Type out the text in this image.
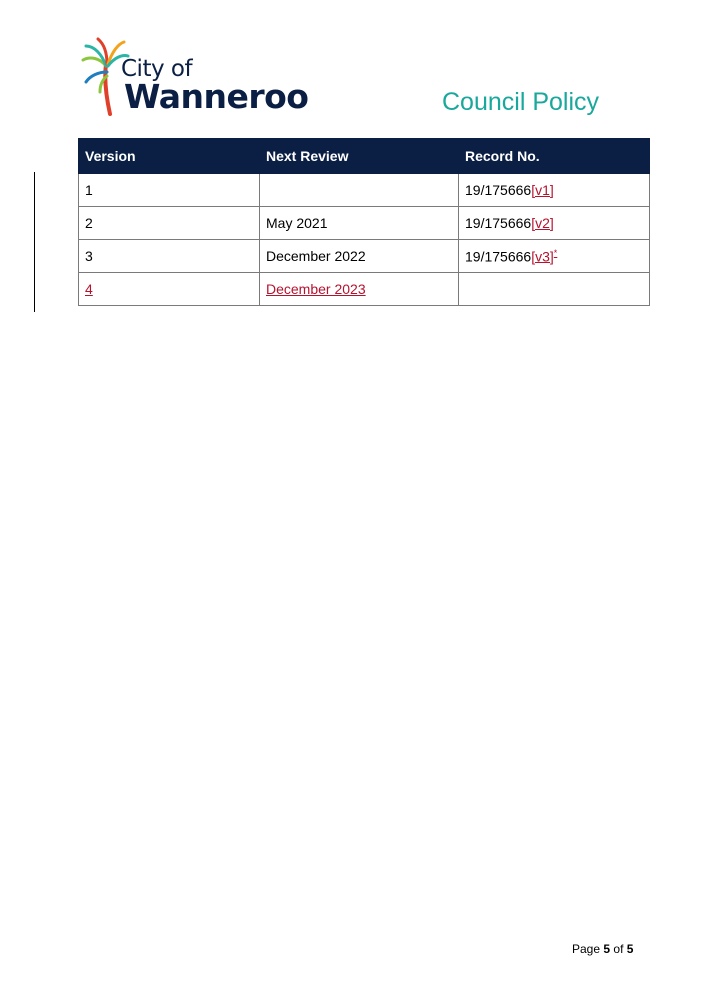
City of
Wanneroo	Council Policy
Version	Next Review	Record No.
1		19/175666[v1]
2	May 2021	19/175666[v2]
3	December 2022	19/175666[v3]*
4	December 2023	
Page 5 of 5
